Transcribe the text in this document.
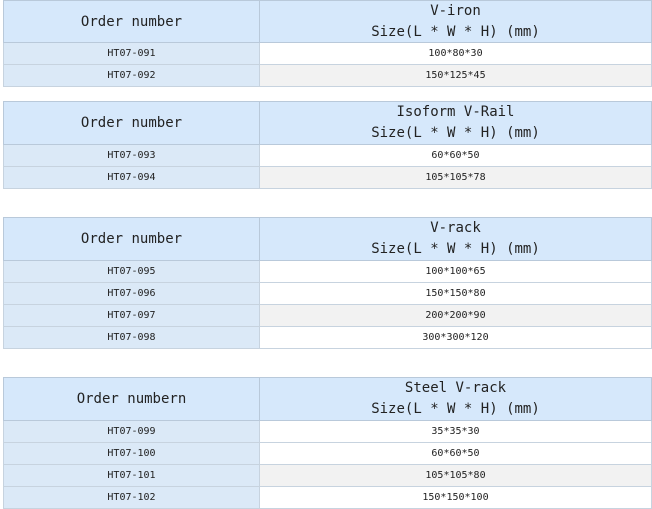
Order number
V-iron
Size(L * W * H) (mm)
HT07-091	100*80*30
HT07-092	150*125*45
Order number
Isoform V-Rail
Size(L * W * H) (mm)
HT07-093	60*60*50
HT07-094	105*105*78
Order number
V-rack
Size(L * W * H) (mm)
HT07-095	100*100*65
HT07-096	150*150*80
HT07-097	200*200*90
HT07-098	300*300*120
Order numbern
Steel V-rack
Size(L * W * H) (mm)
HT07-099	35*35*30
HT07-100	60*60*50
HT07-101	105*105*80
HT07-102	150*150*100
